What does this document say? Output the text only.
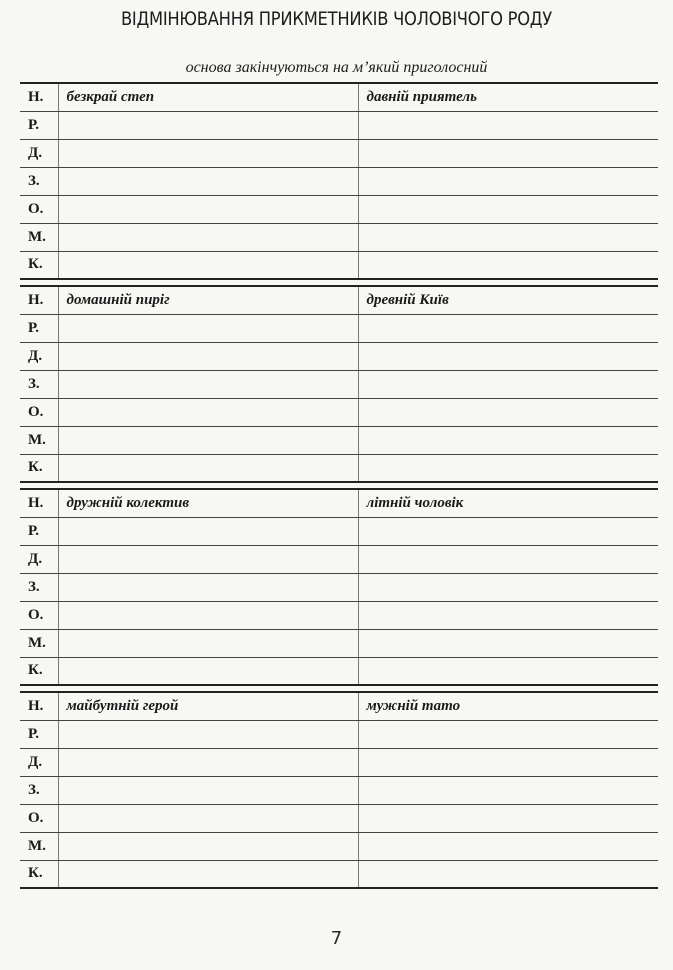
ВІДМІНЮВАННЯ ПРИКМЕТНИКІВ ЧОЛОВІЧОГО РОДУ
основа закінчуються на м’який приголосний
Н.	безкрай степ	давній приятель
Р.		
Д.		
З.		
О.		
М.		
К.		
Н.	домашній пиріг	древній Київ
Р.		
Д.		
З.		
О.		
М.		
К.		
Н.	дружній колектив	літній чоловік
Р.		
Д.		
З.		
О.		
М.		
К.		
Н.	майбутній герой	мужній тато
Р.		
Д.		
З.		
О.		
М.		
К.		
7
